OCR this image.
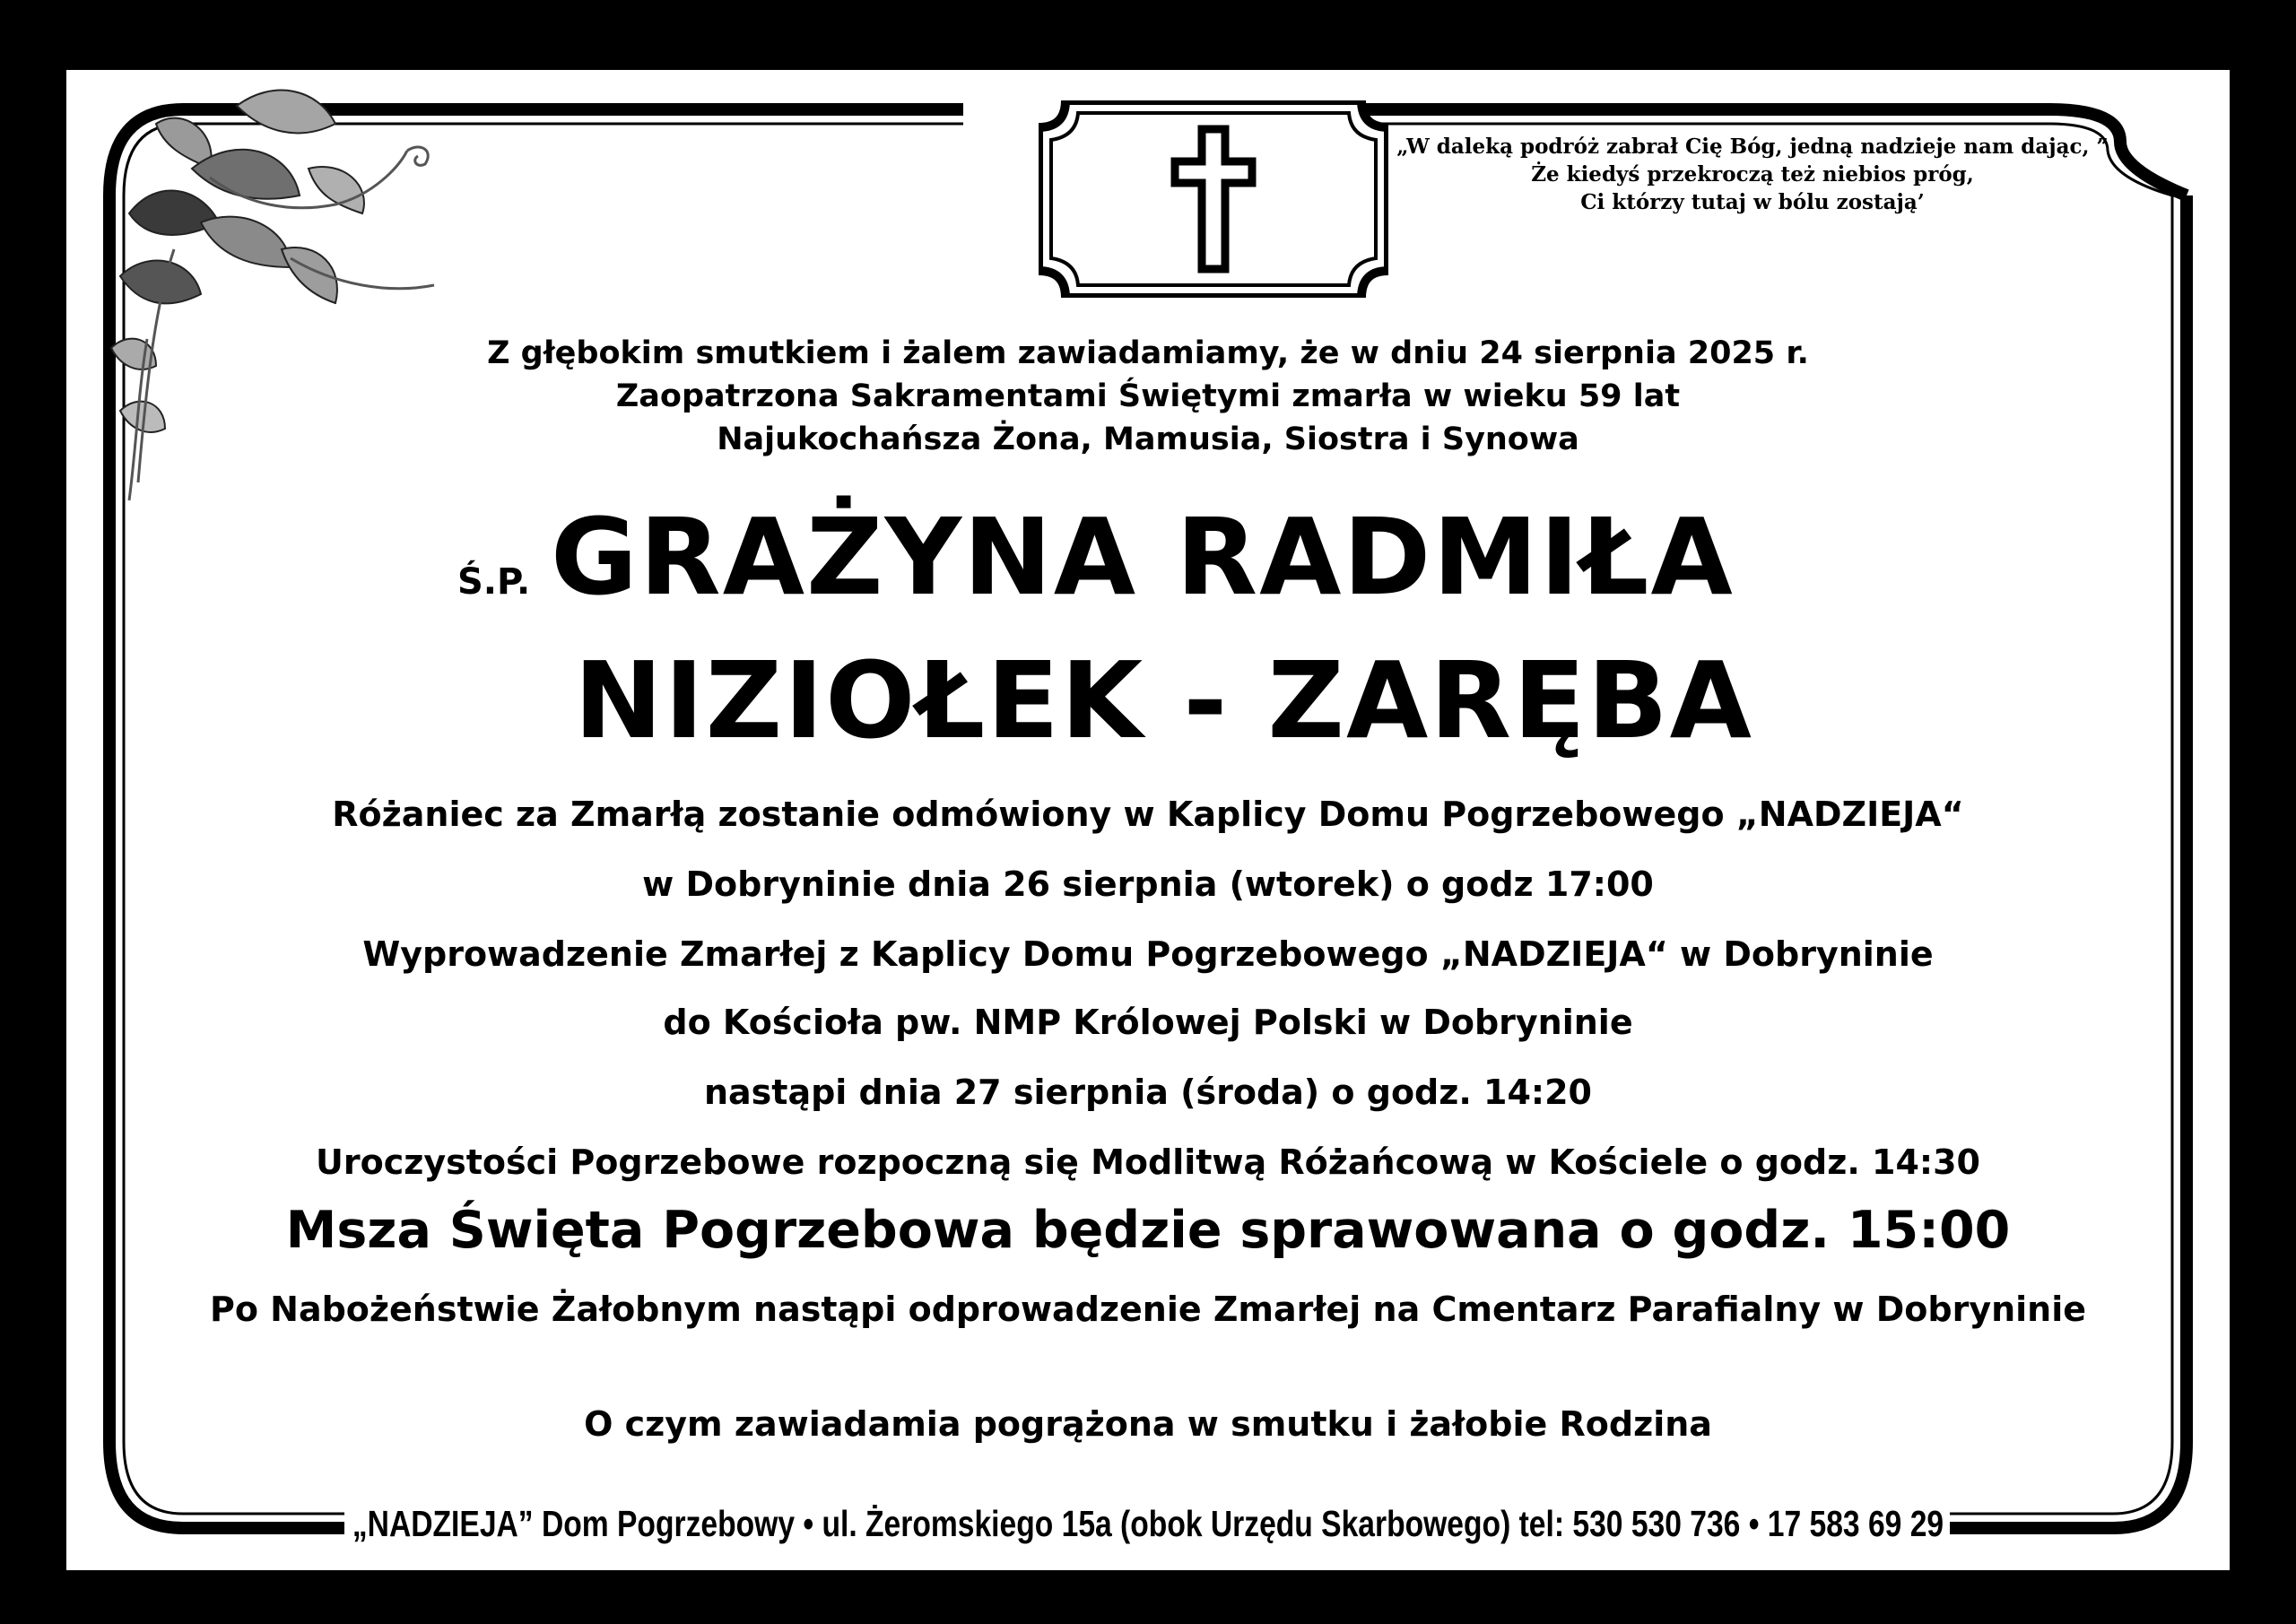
„W daleką podróż zabrał Cię Bóg, jedną nadzieje nam dając, ”
Że kiedyś przekroczą też niebios próg,
Ci którzy tutaj w bólu zostają’
Z głębokim smutkiem i żalem zawiadamiamy, że w dniu 24 sierpnia 2025 r.
Zaopatrzona Sakramentami Świętymi zmarła w wieku 59 lat
Najukochańsza Żona, Mamusia, Siostra i Synowa
Ś.P. GRAŻYNA RADMIŁA
NIZIOŁEK - ZARĘBA
Różaniec za Zmarłą zostanie odmówiony w Kaplicy Domu Pogrzebowego „NADZIEJA“
w Dobryninie dnia 26 sierpnia (wtorek) o godz 17:00
Wyprowadzenie Zmarłej z Kaplicy Domu Pogrzebowego „NADZIEJA“ w Dobryninie
do Kościoła pw. NMP Królowej Polski w Dobryninie
nastąpi dnia 27 sierpnia (środa) o godz. 14:20
Uroczystości Pogrzebowe rozpoczną się Modlitwą Różańcową w Kościele o godz. 14:30
Msza Święta Pogrzebowa będzie sprawowana o godz. 15:00
Po Nabożeństwie Żałobnym nastąpi odprowadzenie Zmarłej na Cmentarz Parafialny w Dobryninie
O czym zawiadamia pogrążona w smutku i żałobie Rodzina
„NADZIEJA” Dom Pogrzebowy • ul. Żeromskiego 15a (obok Urzędu Skarbowego) tel: 530 530 736 • 17 583 69 29
